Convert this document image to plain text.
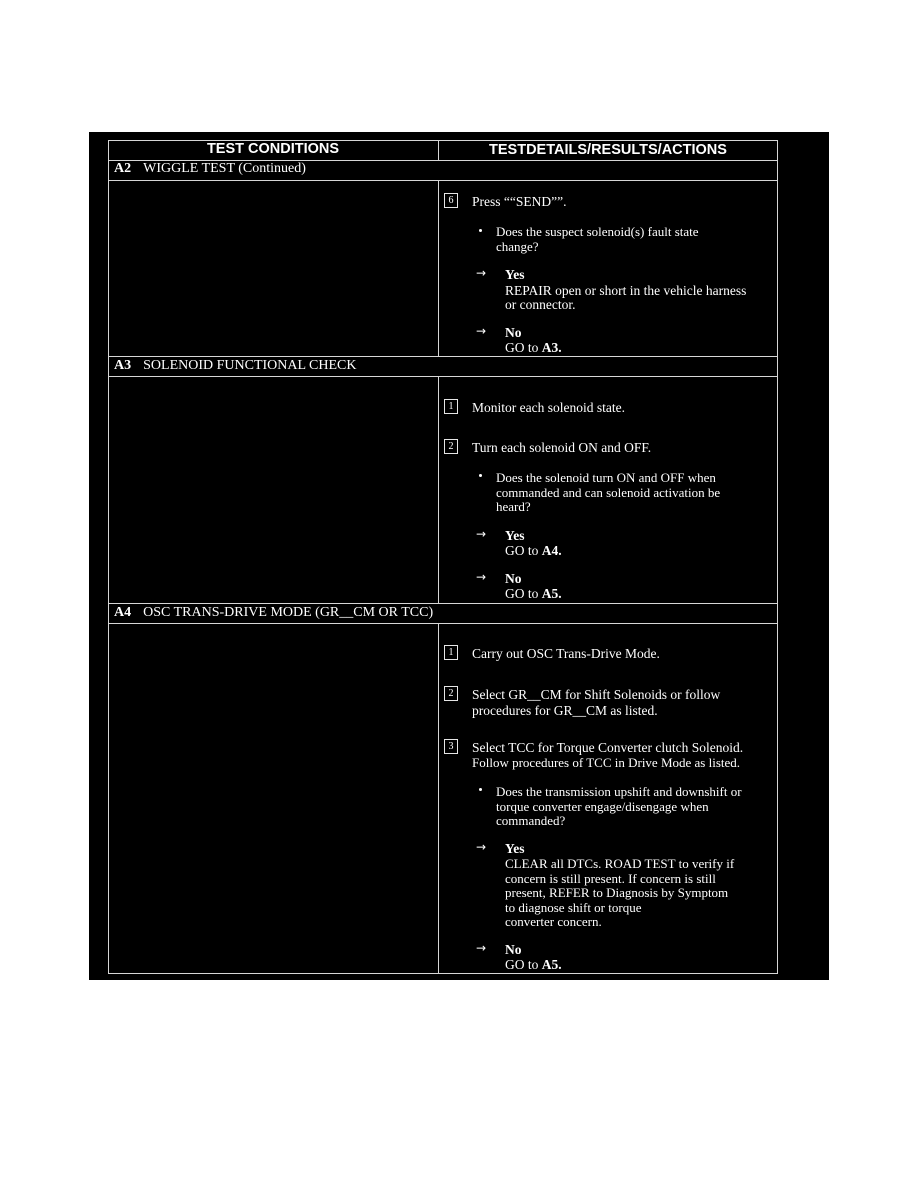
TEST CONDITIONS	TESTDETAILS/RESULTS/ACTIONS
A2 WIGGLE TEST (Continued)
6	Press ““SEND””.
Does the suspect solenoid(s) fault state
change?
→ Yes
REPAIR open or short in the vehicle harness
or connector.
→ No
GO to A3.
A3 SOLENOID FUNCTIONAL CHECK
1	Monitor each solenoid state.
2	Turn each solenoid ON and OFF.
Does the solenoid turn ON and OFF when
commanded and can solenoid activation be
heard?
→ Yes
GO to A4.
→ No
GO to A5.
A4 OSC TRANS-DRIVE MODE (GR__CM OR TCC)
1	Carry out OSC Trans-Drive Mode.
2	Select GR__CM for Shift Solenoids or follow
procedures for GR__CM as listed.
3	Select TCC for Torque Converter clutch Solenoid.
Follow procedures of TCC in Drive Mode as listed.
Does the transmission upshift and downshift or
torque converter engage/disengage when
commanded?
→ Yes
CLEAR all DTCs. ROAD TEST to verify if
concern is still present. If concern is still
present, REFER to Diagnosis by Symptom
to diagnose shift or torque
converter concern.
→ No
GO to A5.
